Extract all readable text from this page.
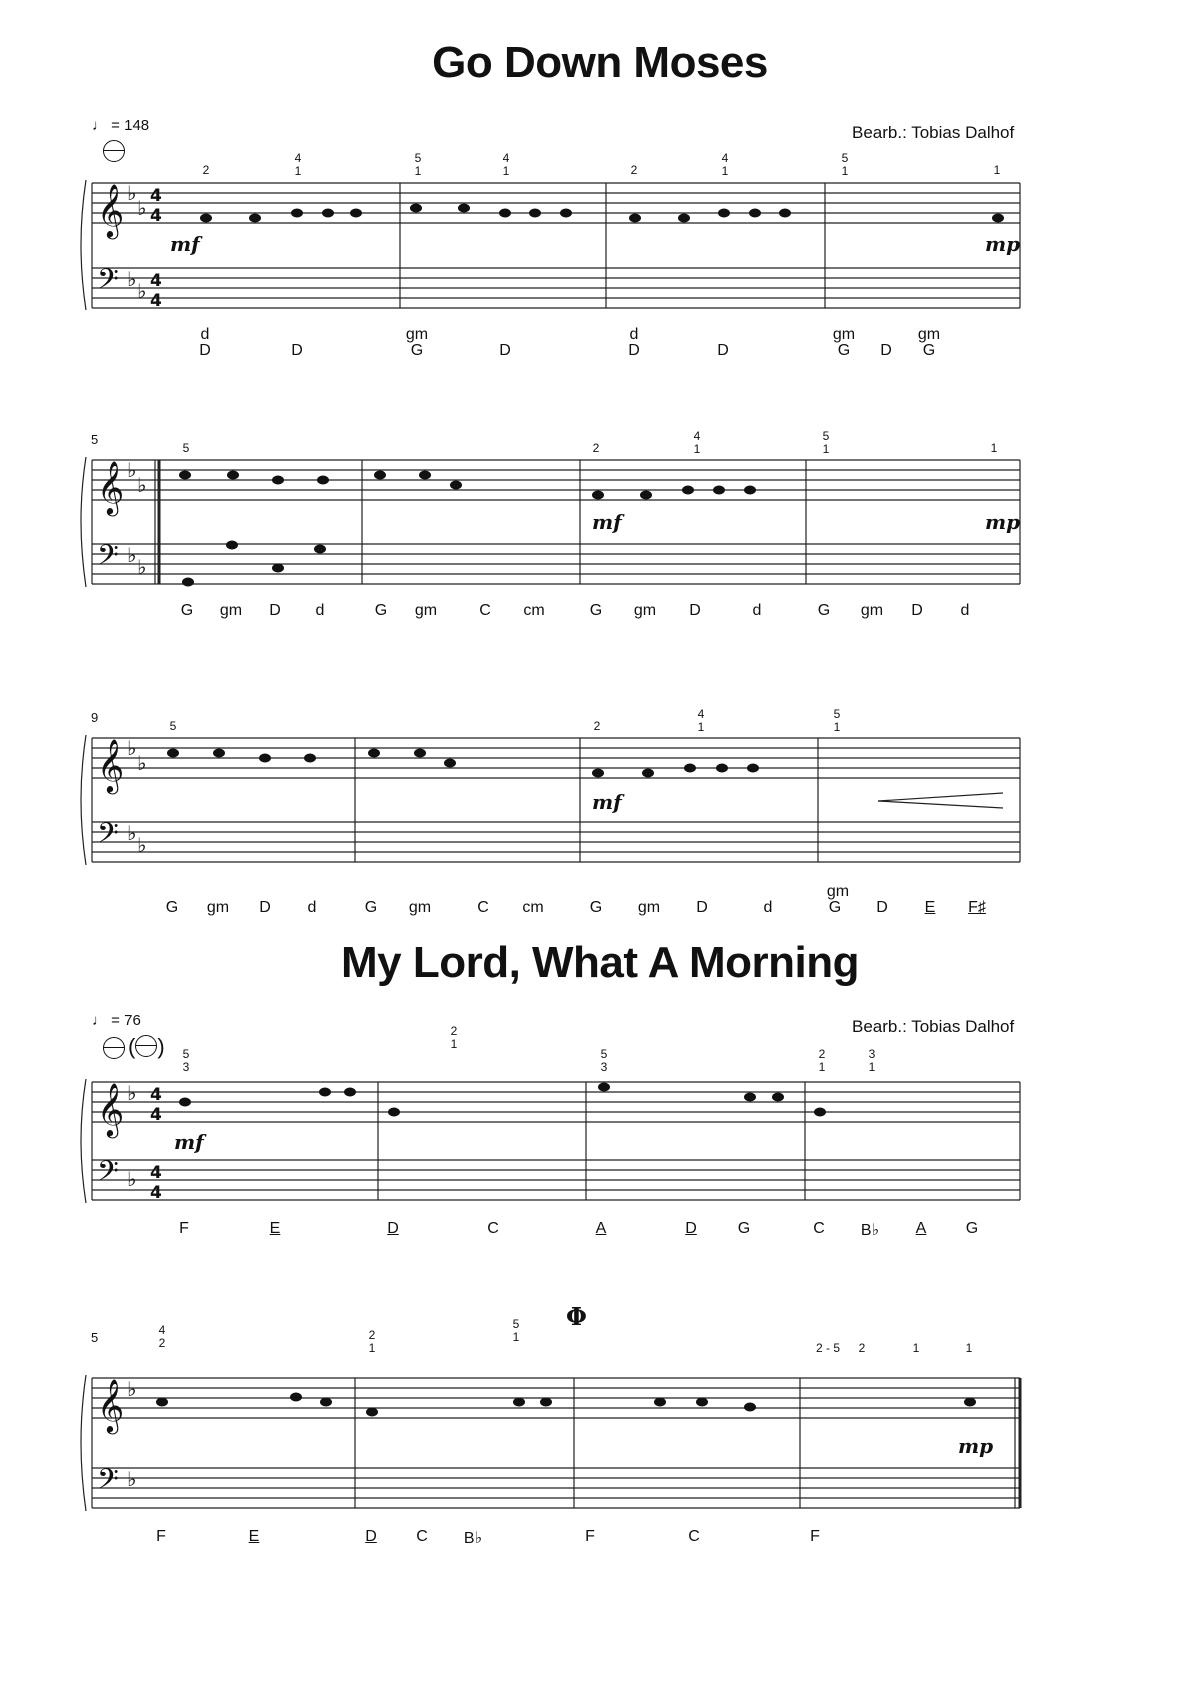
Go Down Moses
♩ = 148	Bearb.: Tobias Dalhof
𝄞
𝄢
𝄞
𝄢
𝄞
𝄢
𝄞
𝄢
𝄞
𝄢
♭
♭
♭ ♭
♭
♭
♭ ♭
♭
♭
♭ ♭
♭
♭
♭
♭
4
4
4
4
4
4
4
4
2
4
1
5
1
4
1	2
4
1
5
1	1
mf	mp
d
D	D
gm
G	D
d
D	D
gm
G D
gm
G
5
5	2
4
1
5
1	1
mf	mp
G gm D d	G gm	C cm	G gm D	d	G gm D d
9
5	2
4
1
5
1
mf
gm
G gm D d	G gm	C cm	G gm D	d	G D E F♯
My Lord, What A Morning
♩ = 76	Bearb.: Tobias Dalhof
( ) 5
3
2
1
5
3
2
1
3
1
mf
F	E	D	C	A	D	G	C B♭ A G
5	4
2
2
1
5
1
2 - 5 2	1	1
Φ
mp
F	E	D C B♭	F	C	F
